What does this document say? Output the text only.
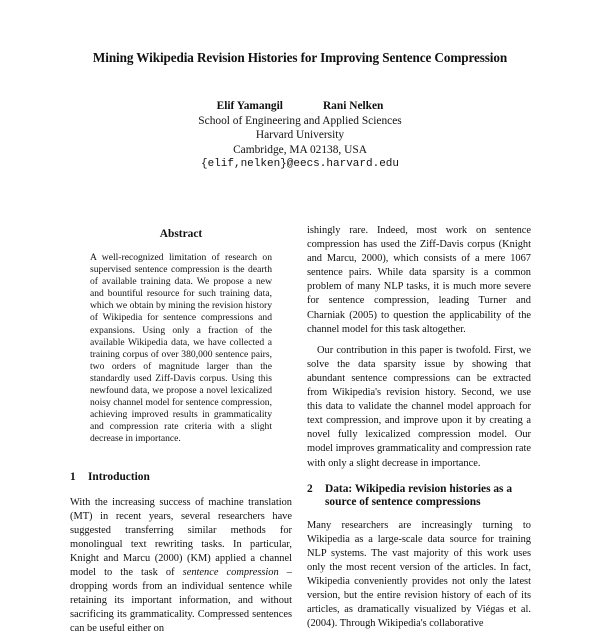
Mining Wikipedia Revision Histories for Improving Sentence Compression
Elif Yamangil	Rani Nelken
School of Engineering and Applied Sciences
Harvard University
Cambridge, MA 02138, USA
{elif,nelken}@eecs.harvard.edu
Abstract

A well-recognized limitation of research on supervised sentence compression is the dearth of available training data. We propose a new and bountiful resource for such training data, which we obtain by mining the revision history of Wikipedia for sentence compressions and expansions. Using only a fraction of the available Wikipedia data, we have collected a training corpus of over 380,000 sentence pairs, two orders of magnitude larger than the standardly used Ziff-Davis corpus. Using this newfound data, we propose a novel lexicalized noisy channel model for sentence compression, achieving improved results in grammaticality and compression rate criteria with a slight decrease in importance.

1	Introduction

With the increasing success of machine translation (MT) in recent years, several researchers have suggested transferring similar methods for monolingual text rewriting tasks. In particular, Knight and Marcu (2000) (KM) applied a channel model to the task of sentence compression – dropping words from an individual sentence while retaining its important information, and without sacrificing its grammaticality. Compressed sentences can be useful either on

ishingly rare. Indeed, most work on sentence compression has used the Ziff-Davis corpus (Knight and Marcu, 2000), which consists of a mere 1067 sentence pairs. While data sparsity is a common problem of many NLP tasks, it is much more severe for sentence compression, leading Turner and Charniak (2005) to question the applicability of the channel model for this task altogether.

Our contribution in this paper is twofold. First, we solve the data sparsity issue by showing that abundant sentence compressions can be extracted from Wikipedia's revision history. Second, we use this data to validate the channel model approach for text compression, and improve upon it by creating a novel fully lexicalized compression model. Our model improves grammaticality and compression rate with only a slight decrease in importance.

2	Data: Wikipedia revision histories as a
source of sentence compressions

Many researchers are increasingly turning to Wikipedia as a large-scale data source for training NLP systems. The vast majority of this work uses only the most recent version of the articles. In fact, Wikipedia conveniently provides not only the latest version, but the entire revision history of each of its articles, as dramatically visualized by Viégas et al. (2004). Through Wikipedia's collaborative
